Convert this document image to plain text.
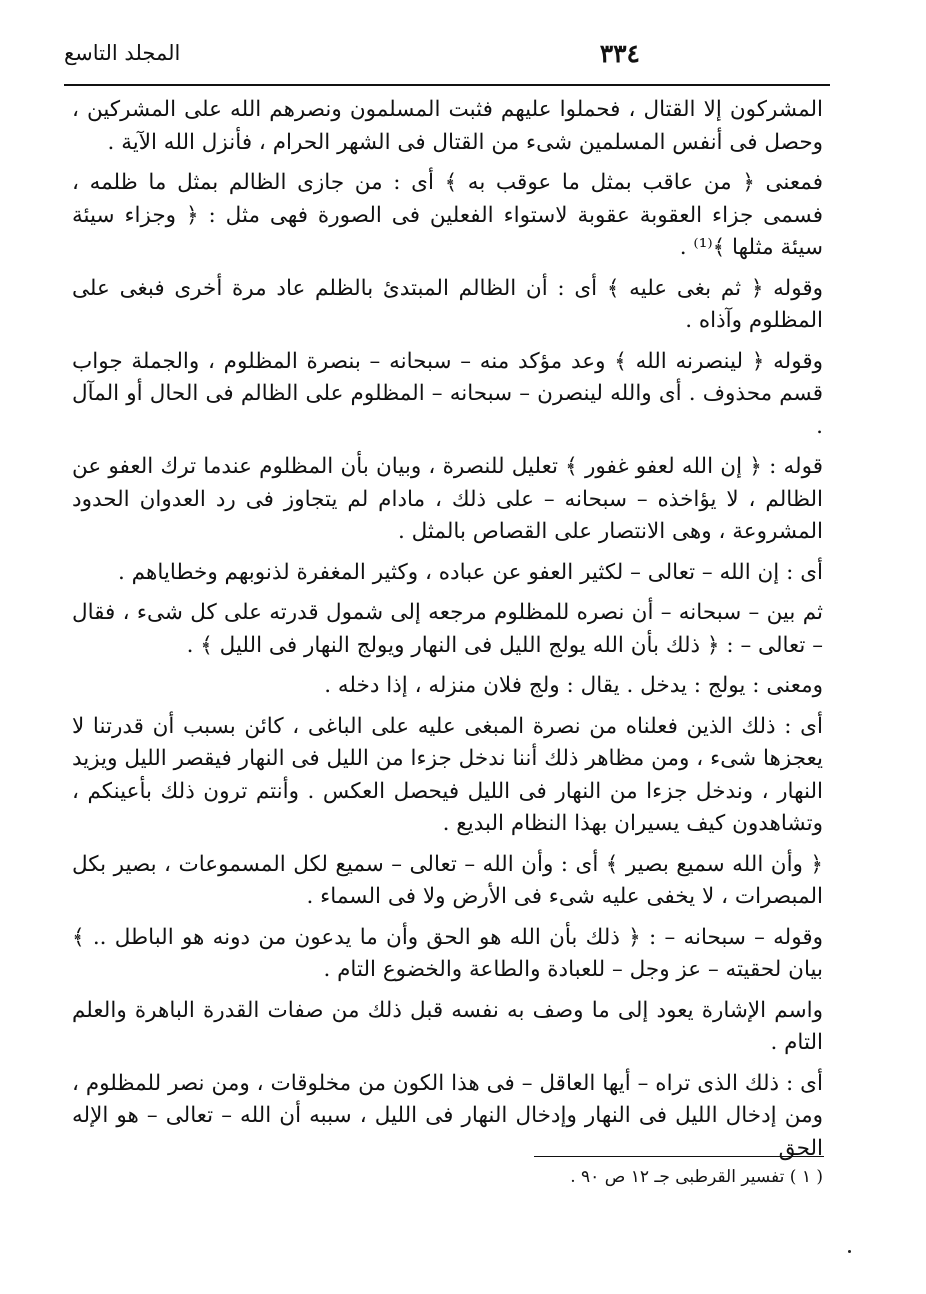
٣٣٤
المجلد التاسع

المشركون إلا القتال ، فحملوا عليهم فثبت المسلمون ونصرهم الله على المشركين ، وحصل فى أنفس المسلمين شىء من القتال فى الشهر الحرام ، فأنزل الله الآية .

فمعنى ﴿ من عاقب بمثل ما عوقب به ﴾ أى : من جازى الظالم بمثل ما ظلمه ، فسمى جزاء العقوبة عقوبة لاستواء الفعلين فى الصورة فهى مثل : ﴿ وجزاء سيئة سيئة مثلها ﴾⁽¹⁾ .

وقوله ﴿ ثم بغى عليه ﴾ أى : أن الظالم المبتدئ بالظلم عاد مرة أخرى فبغى على المظلوم وآذاه .

وقوله ﴿ لينصرنه الله ﴾ وعد مؤكد منه – سبحانه – بنصرة المظلوم ، والجملة جواب قسم محذوف . أى والله لينصرن – سبحانه – المظلوم على الظالم فى الحال أو المآل .

قوله : ﴿ إن الله لعفو غفور ﴾ تعليل للنصرة ، وبيان بأن المظلوم عندما ترك العفو عن الظالم ، لا يؤاخذه – سبحانه – على ذلك ، مادام لم يتجاوز فى رد العدوان الحدود المشروعة ، وهى الانتصار على القصاص بالمثل .

أى : إن الله – تعالى – لكثير العفو عن عباده ، وكثير المغفرة لذنوبهم وخطاياهم .

ثم بين – سبحانه – أن نصره للمظلوم مرجعه إلى شمول قدرته على كل شىء ، فقال – تعالى – : ﴿ ذلك بأن الله يولج الليل فى النهار ويولج النهار فى الليل ﴾ .

ومعنى : يولج : يدخل . يقال : ولج فلان منزله ، إذا دخله .

أى : ذلك الذين فعلناه من نصرة المبغى عليه على الباغى ، كائن بسبب أن قدرتنا لا يعجزها شىء ، ومن مظاهر ذلك أننا ندخل جزءا من الليل فى النهار فيقصر الليل ويزيد النهار ، وندخل جزءا من النهار فى الليل فيحصل العكس . وأنتم ترون ذلك بأعينكم ، وتشاهدون كيف يسيران بهذا النظام البديع .

﴿ وأن الله سميع بصير ﴾ أى : وأن الله – تعالى – سميع لكل المسموعات ، بصير بكل المبصرات ، لا يخفى عليه شىء فى الأرض ولا فى السماء .

وقوله – سبحانه – : ﴿ ذلك بأن الله هو الحق وأن ما يدعون من دونه هو الباطل .. ﴾ بيان لحقيته – عز وجل – للعبادة والطاعة والخضوع التام .

واسم الإشارة يعود إلى ما وصف به نفسه قبل ذلك من صفات القدرة الباهرة والعلم التام .

أى : ذلك الذى تراه – أيها العاقل – فى هذا الكون من مخلوقات ، ومن نصر للمظلوم ، ومن إدخال الليل فى النهار وإدخال النهار فى الليل ، سببه أن الله – تعالى – هو الإله الحق

( ١ ) تفسير القرطبى جـ ١٢ ص ٩٠ .
